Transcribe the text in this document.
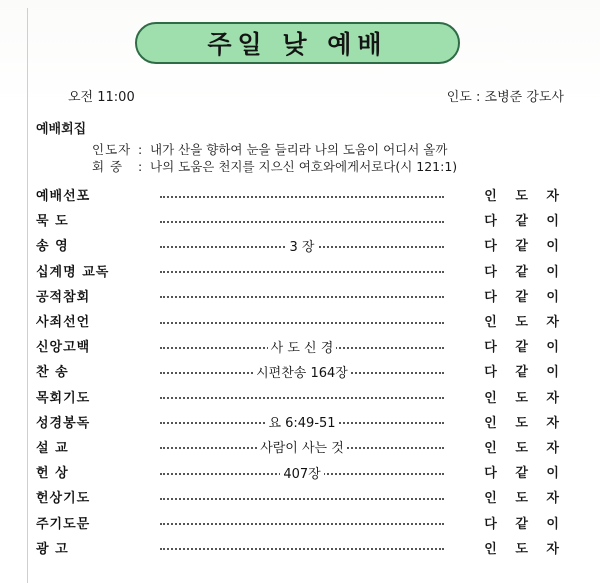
주일 낮 예배
오전 11:00	인도 : 조병준 강도사
예배회집
인도자 : 내가 산을 향하여 눈을 들리라 나의 도움이 어디서 올까
회 중 : 나의 도움은 천지를 지으신 여호와에게서로다(시 121:1)
예배선포	인 도 자
묵 도	다 같 이
송 영	3 장	다 같 이
십계명 교독	다 같 이
공적참회	다 같 이
사죄선언	인 도 자
신앙고백	사 도 신 경	다 같 이
찬 송	시편찬송 164장	다 같 이
목회기도	인 도 자
성경봉독	요 6:49-51	인 도 자
설 교	사람이 사는 것	인 도 자
헌 상	407장	다 같 이
헌상기도	인 도 자
주기도문	다 같 이
광 고	인 도 자
